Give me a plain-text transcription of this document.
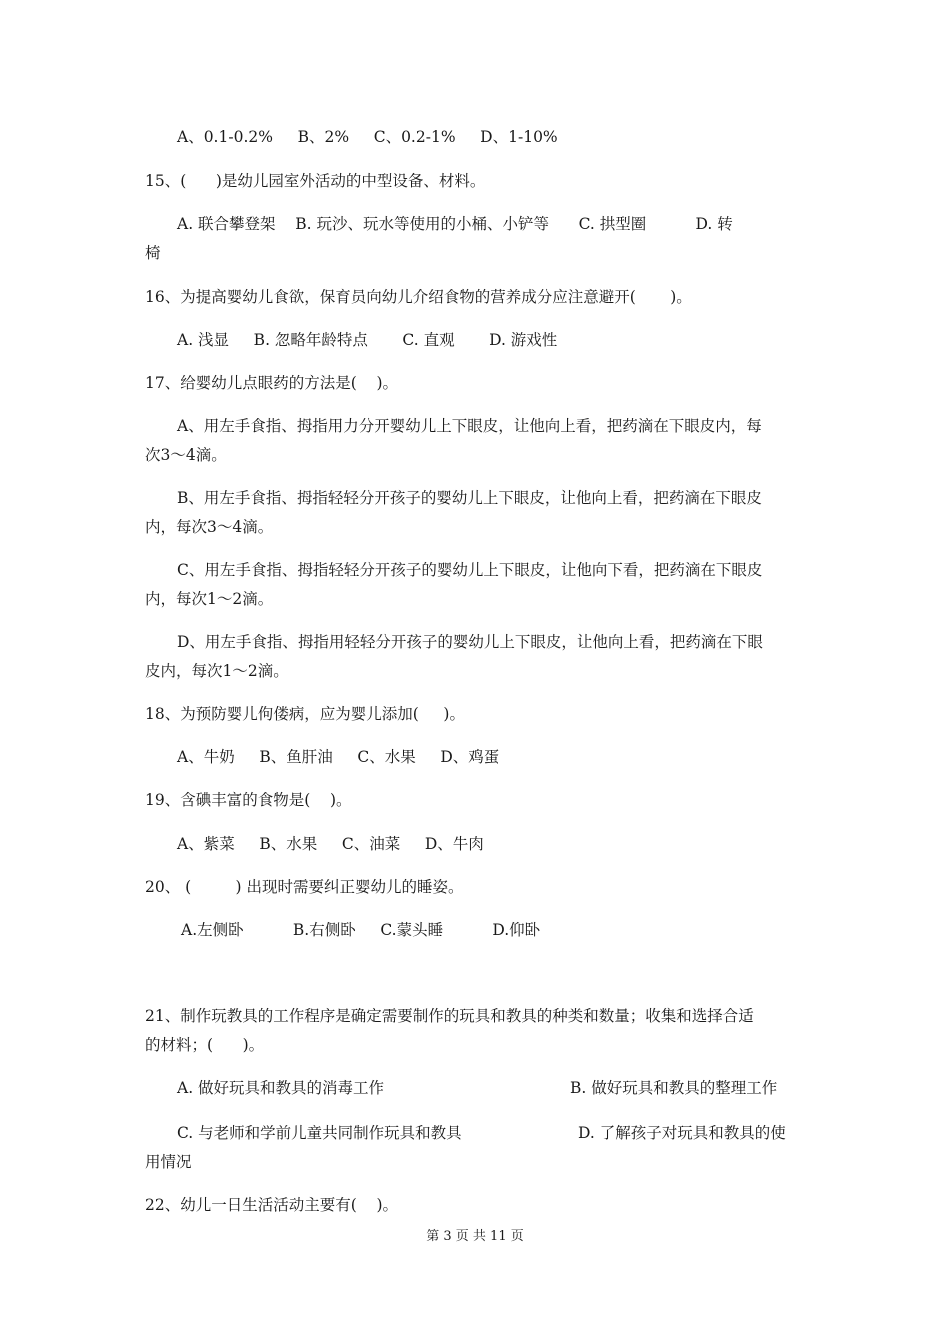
A、0.1-0.2%     B、2%     C、0.2-1%     D、1-10%
15、(      )是幼儿园室外活动的中型设备、材料。
A. 联合攀登架    B. 玩沙、玩水等使用的小桶、小铲等      C. 拱型圈          D. 转
椅
16、为提高婴幼儿食欲，保育员向幼儿介绍食物的营养成分应注意避开(       )。
A. 浅显     B. 忽略年龄特点       C. 直观       D. 游戏性
17、给婴幼儿点眼药的方法是(    )。
A、用左手食指、拇指用力分开婴幼儿上下眼皮，让他向上看，把药滴在下眼皮内，每
次3～4滴。
B、用左手食指、拇指轻轻分开孩子的婴幼儿上下眼皮，让他向上看，把药滴在下眼皮
内，每次3～4滴。
C、用左手食指、拇指轻轻分开孩子的婴幼儿上下眼皮，让他向下看，把药滴在下眼皮
内，每次1～2滴。
D、用左手食指、拇指用轻轻分开孩子的婴幼儿上下眼皮，让他向上看，把药滴在下眼
皮内，每次1～2滴。
18、为预防婴儿佝偻病，应为婴儿添加(     )。
A、牛奶     B、鱼肝油     C、水果     D、鸡蛋
19、含碘丰富的食物是(    )。
A、紫菜     B、水果     C、油菜     D、牛肉
20、 (         ) 出现时需要纠正婴幼儿的睡姿。
A.左侧卧          B.右侧卧     C.蒙头睡          D.仰卧
21、制作玩教具的工作程序是确定需要制作的玩具和教具的种类和数量；收集和选择合适
的材料；(      )。
A. 做好玩具和教具的消毒工作	B. 做好玩具和教具的整理工作
C. 与老师和学前儿童共同制作玩具和教具	D. 了解孩子对玩具和教具的使
用情况
22、幼儿一日生活活动主要有(    )。
第 3 页 共 11 页
